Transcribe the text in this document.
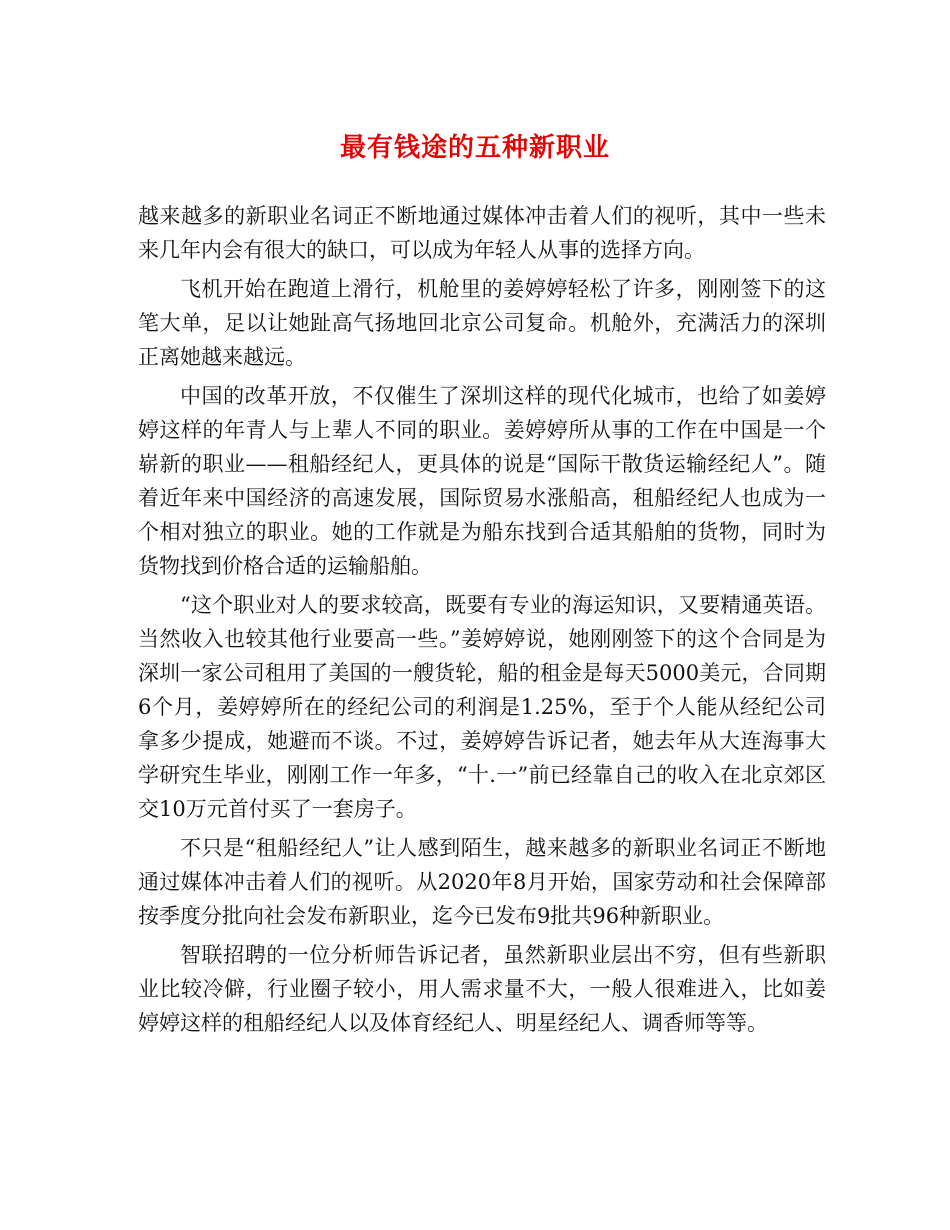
最有钱途的五种新职业

越来越多的新职业名词正不断地通过媒体冲击着人们的视听，其中一些未来几年内会有很大的缺口，可以成为年轻人从事的选择方向。

飞机开始在跑道上滑行，机舱里的姜婷婷轻松了许多，刚刚签下的这笔大单，足以让她趾高气扬地回北京公司复命。机舱外，充满活力的深圳正离她越来越远。

中国的改革开放，不仅催生了深圳这样的现代化城市，也给了如姜婷婷这样的年青人与上辈人不同的职业。姜婷婷所从事的工作在中国是一个崭新的职业——租船经纪人，更具体的说是“国际干散货运输经纪人”。随着近年来中国经济的高速发展，国际贸易水涨船高，租船经纪人也成为一个相对独立的职业。她的工作就是为船东找到合适其船舶的货物，同时为货物找到价格合适的运输船舶。

“这个职业对人的要求较高，既要有专业的海运知识，又要精通英语。当然收入也较其他行业要高一些。”姜婷婷说，她刚刚签下的这个合同是为深圳一家公司租用了美国的一艘货轮，船的租金是每天5000美元，合同期6个月，姜婷婷所在的经纪公司的利润是1.25%，至于个人能从经纪公司拿多少提成，她避而不谈。不过，姜婷婷告诉记者，她去年从大连海事大学研究生毕业，刚刚工作一年多，“十.一”前已经靠自己的收入在北京郊区交10万元首付买了一套房子。

不只是“租船经纪人”让人感到陌生，越来越多的新职业名词正不断地通过媒体冲击着人们的视听。从2020年8月开始，国家劳动和社会保障部按季度分批向社会发布新职业，迄今已发布9批共96种新职业。

智联招聘的一位分析师告诉记者，虽然新职业层出不穷，但有些新职业比较冷僻，行业圈子较小，用人需求量不大，一般人很难进入，比如姜婷婷这样的租船经纪人以及体育经纪人、明星经纪人、调香师等等。
